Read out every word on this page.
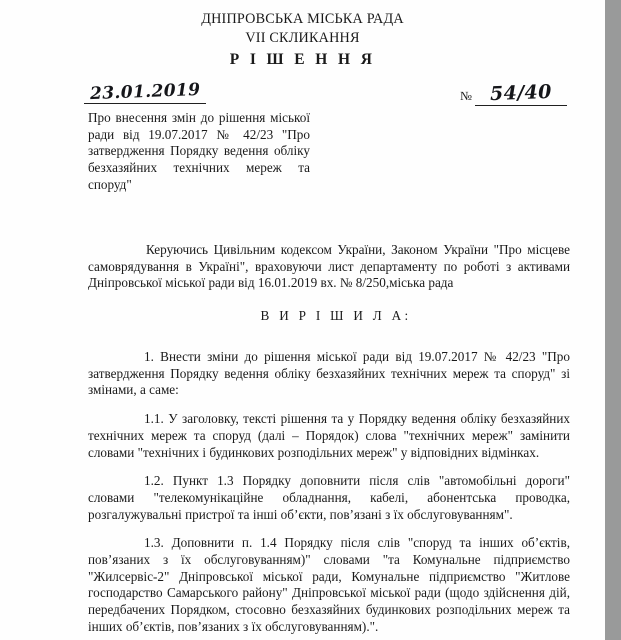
ДНІПРОВСЬКА МІСЬКА РАДА
VII СКЛИКАННЯ
Р І Ш Е Н Н Я
23.01.2019	№ 54/40
Про внесення змін до рішення міської ради від 19.07.2017 № 42/23 "Про затвердження Порядку ведення обліку безхазяйних технічних мереж та споруд"

Керуючись Цивільним кодексом України, Законом України "Про місцеве самоврядування в Україні", враховуючи лист департаменту по роботі з активами Дніпровської міської ради від 16.01.2019 вх. № 8/250,міська рада

В И Р І Ш И Л А:

1. Внести зміни до рішення міської ради від 19.07.2017 № 42/23 "Про затвердження Порядку ведення обліку безхазяйних технічних мереж та споруд" зі змінами, а саме:

1.1. У заголовку, тексті рішення та у Порядку ведення обліку безхазяйних технічних мереж та споруд (далі – Порядок) слова "технічних мереж" замінити словами "технічних і будинкових розподільних мереж" у відповідних відмінках.

1.2. Пункт 1.3 Порядку доповнити після слів "автомобільні дороги" словами "телекомунікаційне обладнання, кабелі, абонентська проводка, розгалужувальні пристрої та інші об’єкти, пов’язані з їх обслуговуванням".

1.3. Доповнити п. 1.4 Порядку після слів "споруд та інших об’єктів, пов’язаних з їх обслуговуванням)" словами "та Комунальне підприємство "Жилсервіс-2" Дніпровської міської ради, Комунальне підприємство "Житлове господарство Самарського району" Дніпровської міської ради (щодо здійснення дій, передбачених Порядком, стосовно безхазяйних будинкових розподільних мереж та інших об’єктів, пов’язаних з їх обслуговуванням).".
